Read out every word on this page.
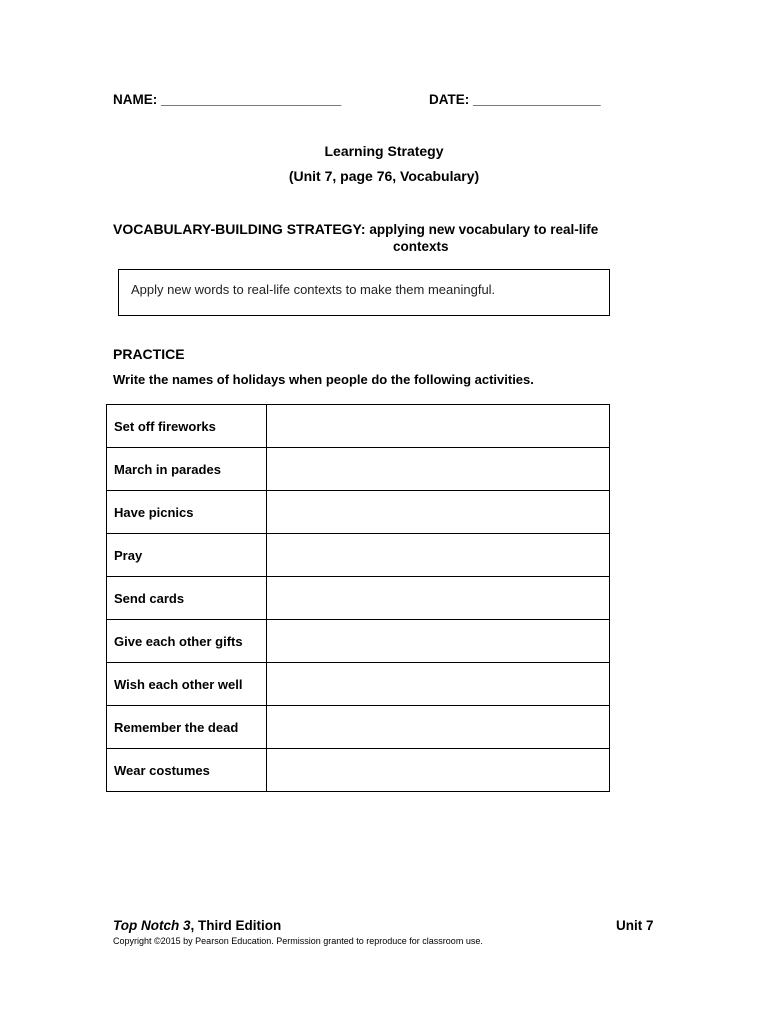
NAME: ________________________	DATE: _________________
Learning Strategy
(Unit 7, page 76, Vocabulary)
VOCABULARY-BUILDING STRATEGY: applying new vocabulary to real-life
contexts
Apply new words to real-life contexts to make them meaningful.
PRACTICE
Write the names of holidays when people do the following activities.
Set off fireworks	
March in parades	
Have picnics	
Pray	
Send cards	
Give each other gifts	
Wish each other well	
Remember the dead	
Wear costumes	
Top Notch 3, Third Edition	Unit 7
Copyright ©2015 by Pearson Education. Permission granted to reproduce for classroom use.
